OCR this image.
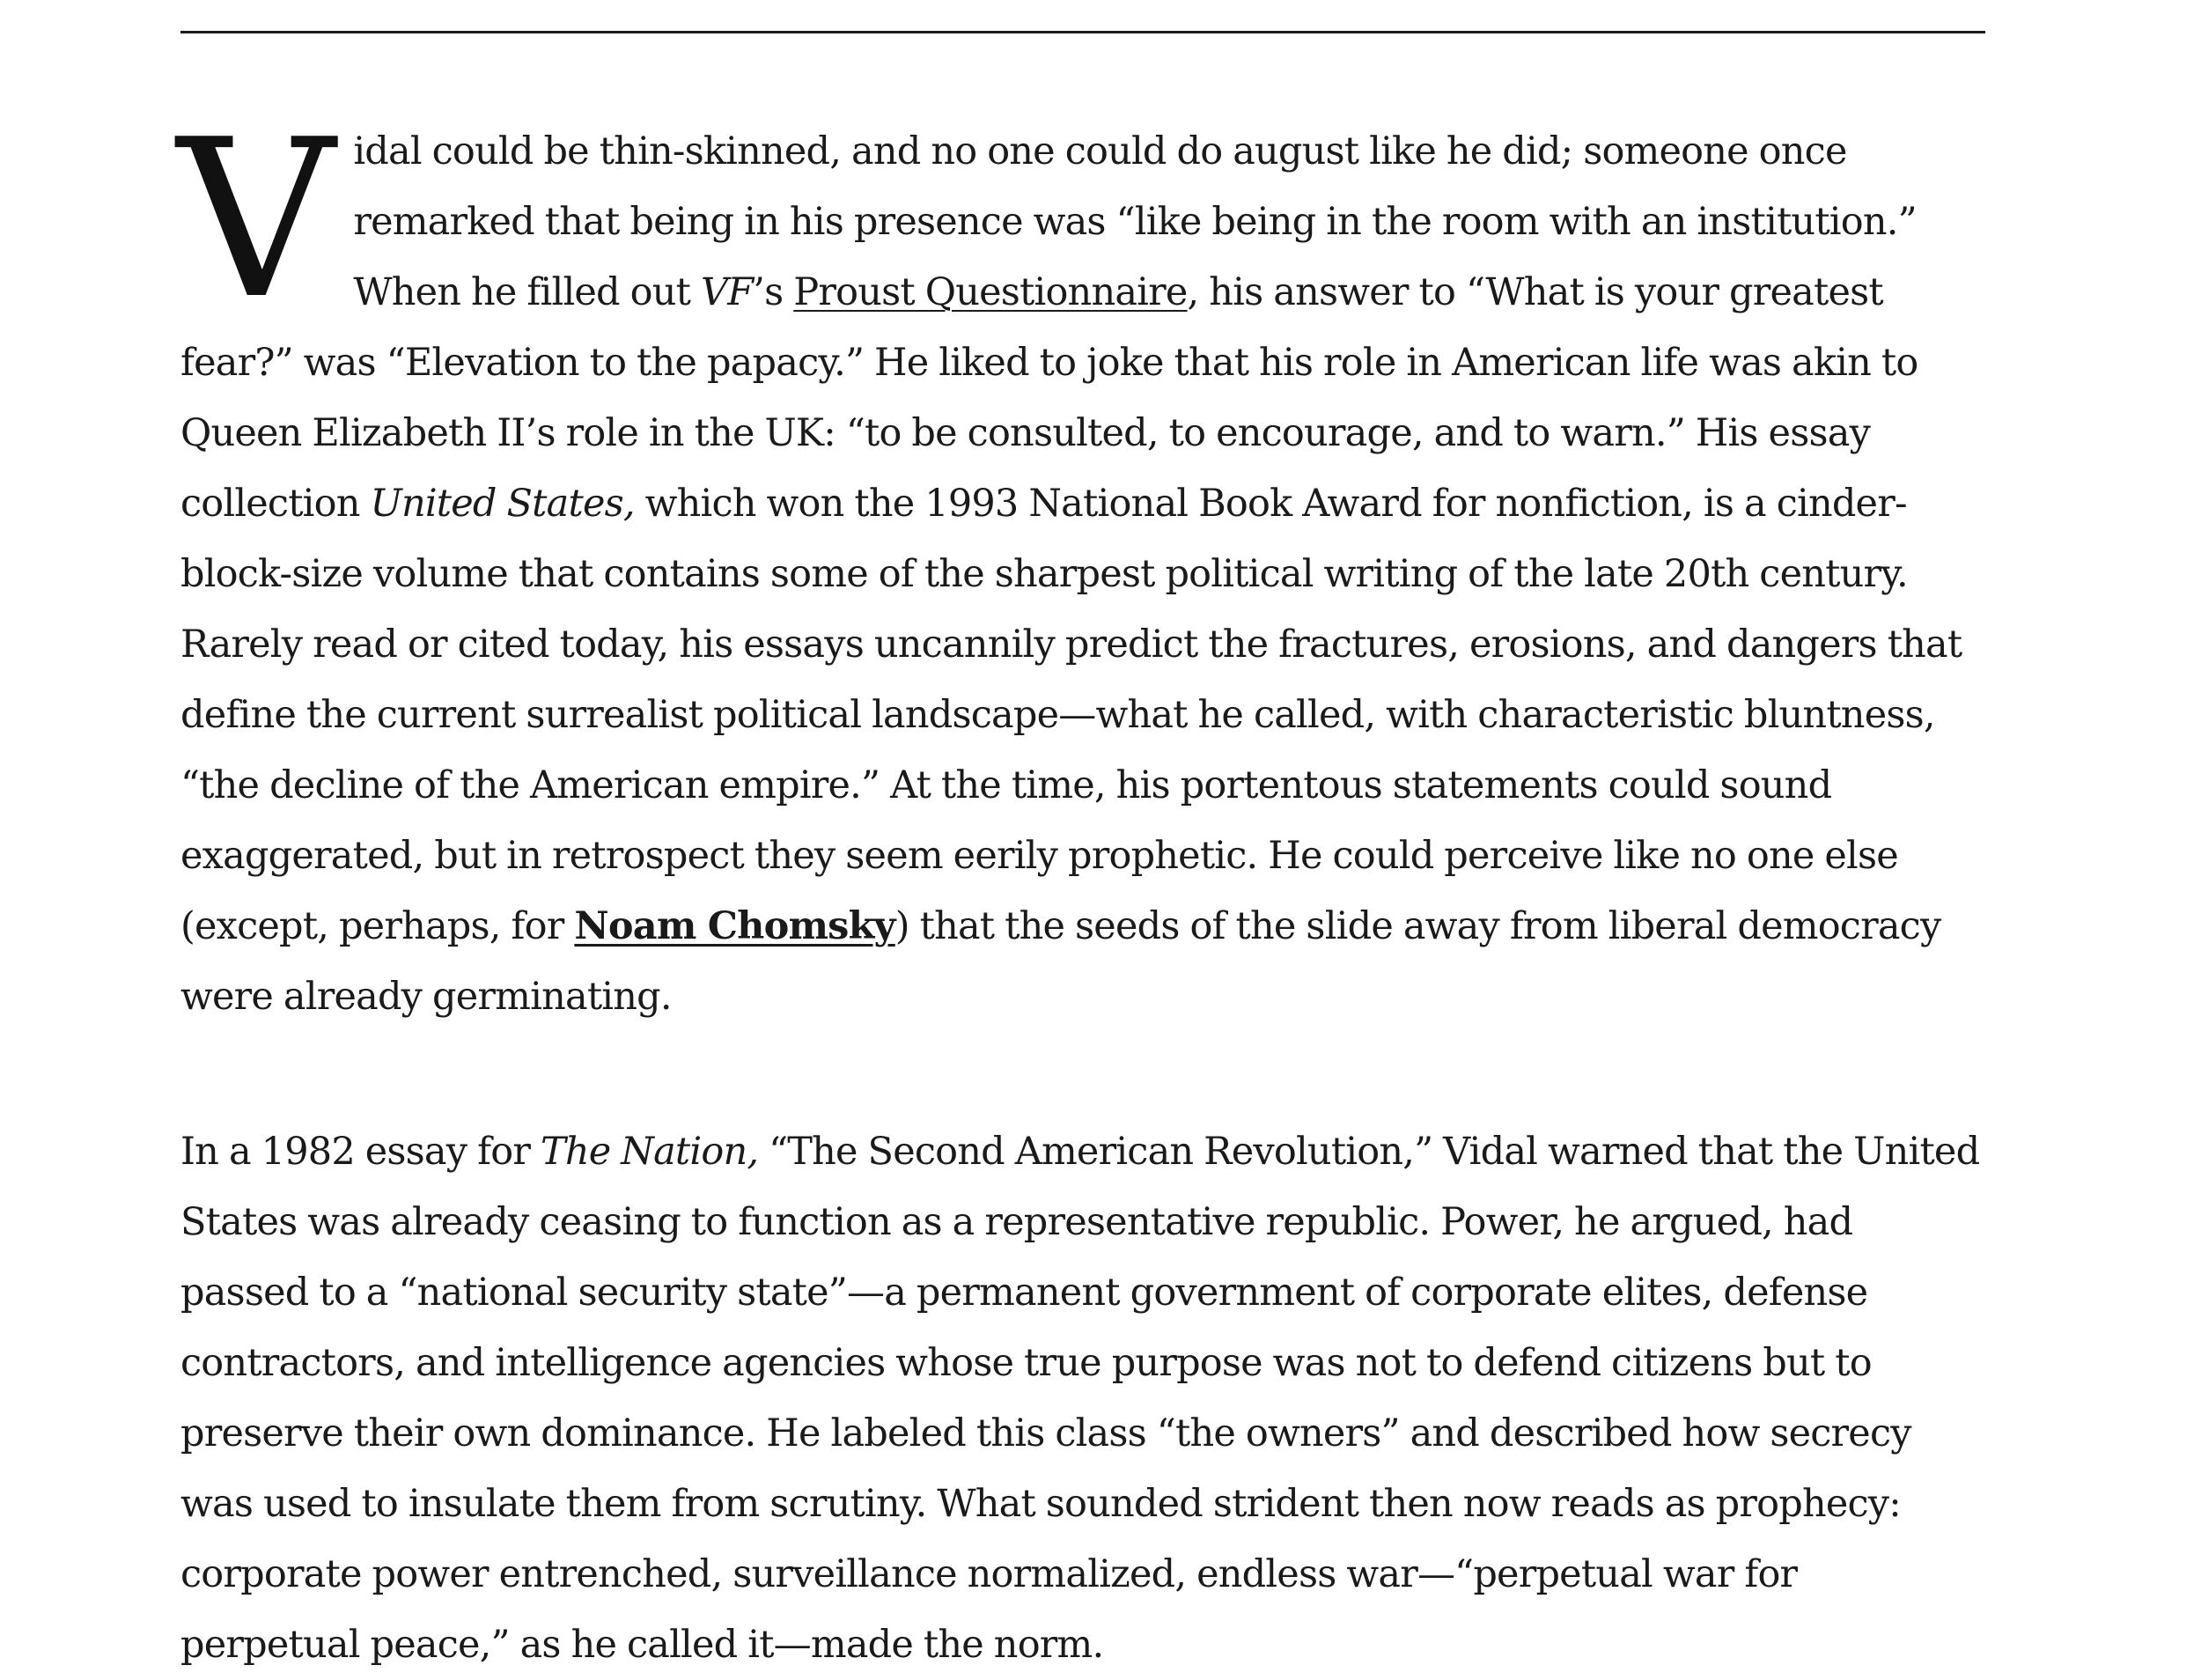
Vidal could be thin-skinned, and no one could do august like he did; someone once remarked that being in his presence was “like being in the room with an institution.” When he filled out VF’s Proust Questionnaire, his answer to “What is your greatest fear?” was “Elevation to the papacy.” He liked to joke that his role in American life was akin to Queen Elizabeth II’s role in the UK: “to be consulted, to encourage, and to warn.” His essay collection United States, which won the 1993 National Book Award for nonfiction, is a cinder-block-size volume that contains some of the sharpest political writing of the late 20th century. Rarely read or cited today, his essays uncannily predict the fractures, erosions, and dangers that define the current surrealist political landscape—what he called, with characteristic bluntness, “the decline of the American empire.” At the time, his portentous statements could sound exaggerated, but in retrospect they seem eerily prophetic. He could perceive like no one else (except, perhaps, for Noam Chomsky) that the seeds of the slide away from liberal democracy were already germinating.

In a 1982 essay for The Nation, “The Second American Revolution,” Vidal warned that the United States was already ceasing to function as a representative republic. Power, he argued, had passed to a “national security state”—a permanent government of corporate elites, defense contractors, and intelligence agencies whose true purpose was not to defend citizens but to preserve their own dominance. He labeled this class “the owners” and described how secrecy was used to insulate them from scrutiny. What sounded strident then now reads as prophecy: corporate power entrenched, surveillance normalized, endless war—“perpetual war for perpetual peace,” as he called it—made the norm.
